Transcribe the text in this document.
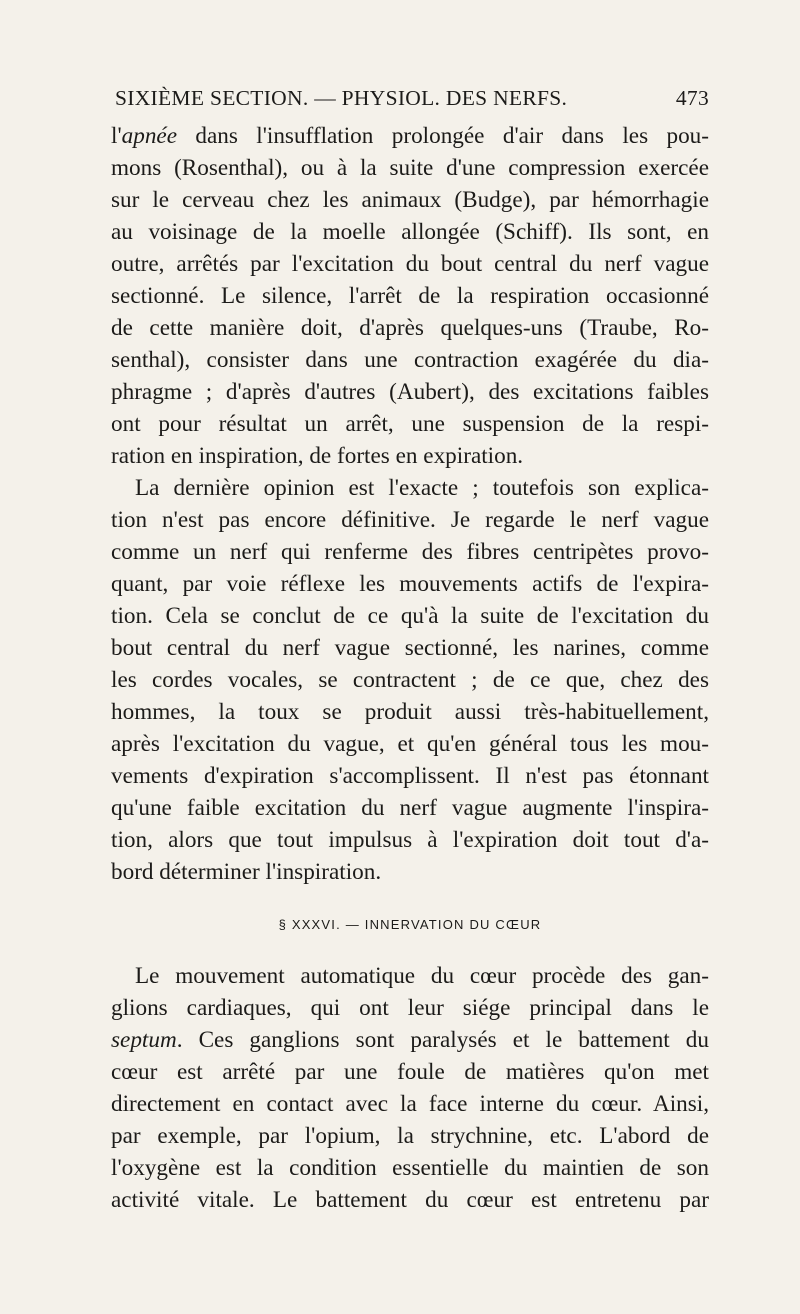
SIXIÈME SECTION. — PHYSIOL. DES NERFS.	473
l'apnée dans l'insufflation prolongée d'air dans les pou-
mons (Rosenthal), ou à la suite d'une compression exercée
sur le cerveau chez les animaux (Budge), par hémorrhagie
au voisinage de la moelle allongée (Schiff). Ils sont, en
outre, arrêtés par l'excitation du bout central du nerf vague
sectionné. Le silence, l'arrêt de la respiration occasionné
de cette manière doit, d'après quelques-uns (Traube, Ro-
senthal), consister dans une contraction exagérée du dia-
phragme ; d'après d'autres (Aubert), des excitations faibles
ont pour résultat un arrêt, une suspension de la respi-
ration en inspiration, de fortes en expiration.
La dernière opinion est l'exacte ; toutefois son explica-
tion n'est pas encore définitive. Je regarde le nerf vague
comme un nerf qui renferme des fibres centripètes provo-
quant, par voie réflexe les mouvements actifs de l'expira-
tion. Cela se conclut de ce qu'à la suite de l'excitation du
bout central du nerf vague sectionné, les narines, comme
les cordes vocales, se contractent ; de ce que, chez des
hommes, la toux se produit aussi très-habituellement,
après l'excitation du vague, et qu'en général tous les mou-
vements d'expiration s'accomplissent. Il n'est pas étonnant
qu'une faible excitation du nerf vague augmente l'inspira-
tion, alors que tout impulsus à l'expiration doit tout d'a-
bord déterminer l'inspiration.
§ XXXVI. — INNERVATION DU CŒUR
Le mouvement automatique du cœur procède des gan-
glions cardiaques, qui ont leur siége principal dans le
septum. Ces ganglions sont paralysés et le battement du
cœur est arrêté par une foule de matières qu'on met
directement en contact avec la face interne du cœur. Ainsi,
par exemple, par l'opium, la strychnine, etc. L'abord de
l'oxygène est la condition essentielle du maintien de son
activité vitale. Le battement du cœur est entretenu par
